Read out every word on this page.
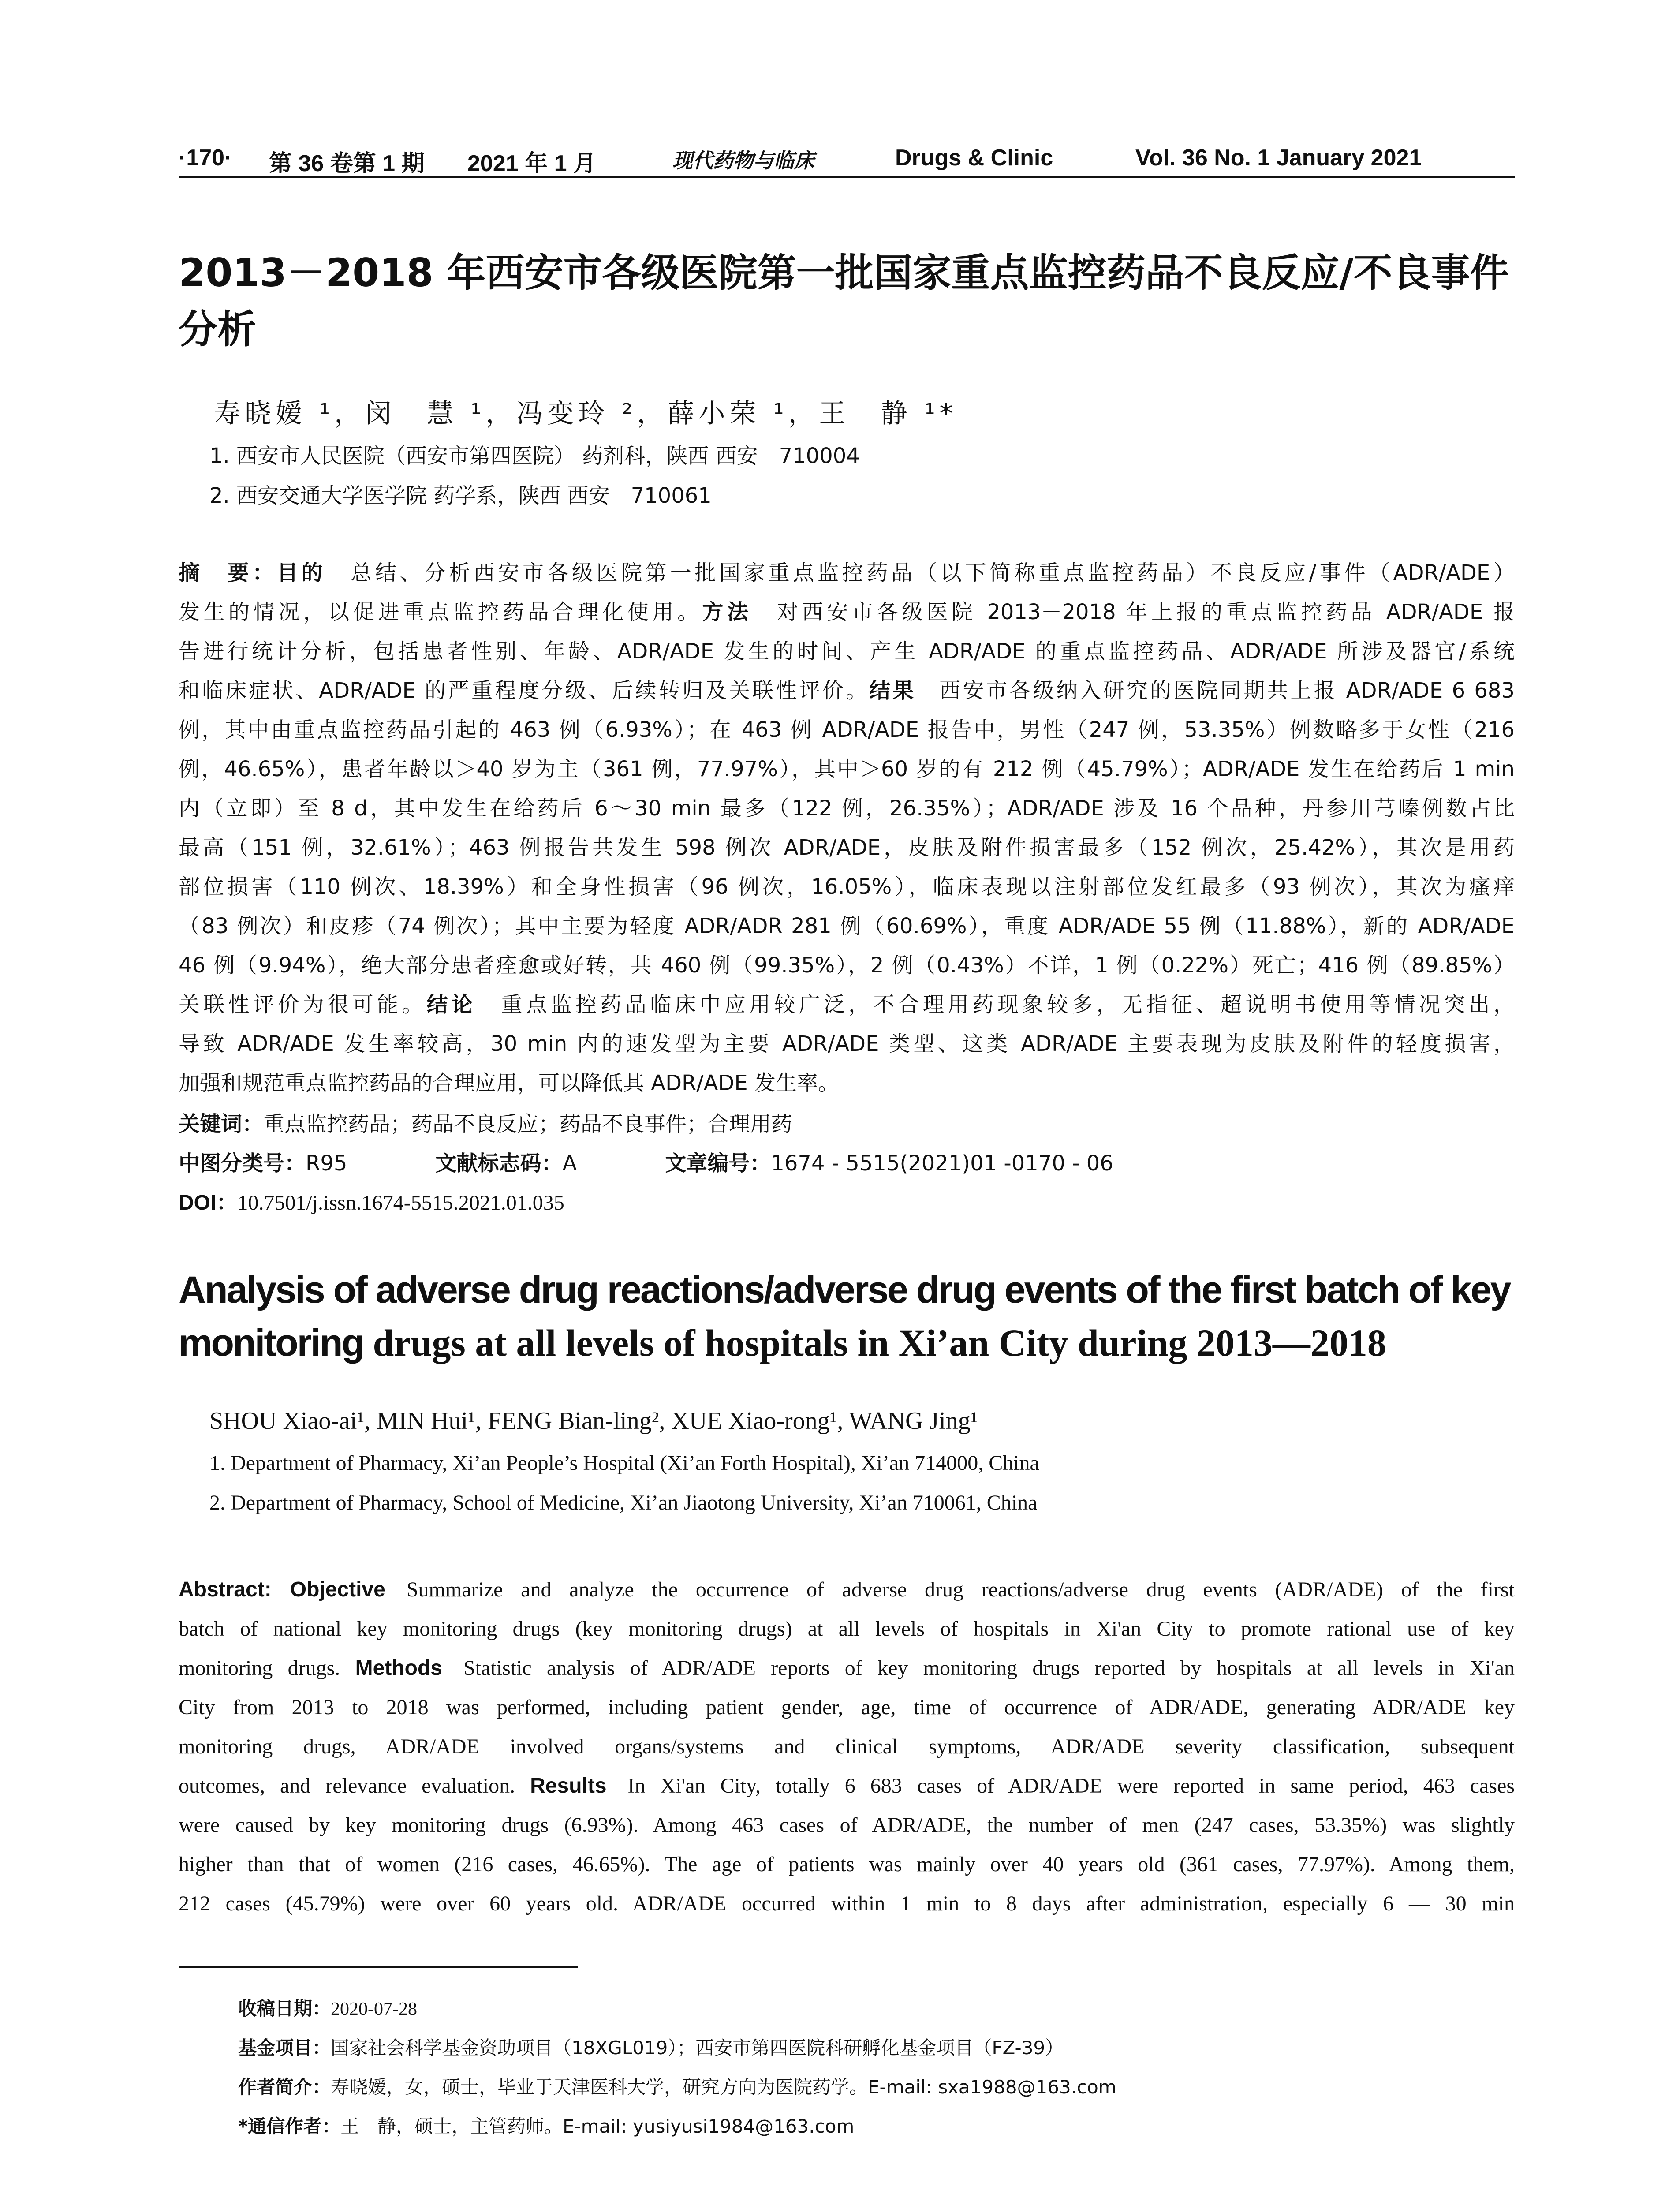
·170· 第 36 卷第 1 期 2021 年 1 月	现代药物与临床	Drugs & Clinic	Vol. 36 No. 1 January 2021
2013－2018 年西安市各级医院第一批国家重点监控药品不良反应/不良事件
分析
寿晓嫒 ¹，闵　慧 ¹，冯变玲 ²，薛小荣 ¹，王　静 ¹*
1. 西安市人民医院（西安市第四医院） 药剂科，陕西 西安　710004
2. 西安交通大学医学院 药学系，陕西 西安　710061
摘　要：目的 总结、分析西安市各级医院第一批国家重点监控药品（以下简称重点监控药品）不良反应/事件（ADR/ADE）
发生的情况，以促进重点监控药品合理化使用。方法 对西安市各级医院 2013－2018 年上报的重点监控药品 ADR/ADE 报
告进行统计分析，包括患者性别、年龄、ADR/ADE 发生的时间、产生 ADR/ADE 的重点监控药品、ADR/ADE 所涉及器官/系统
和临床症状、ADR/ADE 的严重程度分级、后续转归及关联性评价。结果 西安市各级纳入研究的医院同期共上报 ADR/ADE 6 683
例，其中由重点监控药品引起的 463 例（6.93%）；在 463 例 ADR/ADE 报告中，男性（247 例，53.35%）例数略多于女性（216
例，46.65%），患者年龄以＞40 岁为主（361 例，77.97%），其中＞60 岁的有 212 例（45.79%）；ADR/ADE 发生在给药后 1 min
内（立即）至 8 d，其中发生在给药后 6～30 min 最多（122 例，26.35%）；ADR/ADE 涉及 16 个品种，丹参川芎嗪例数占比
最高（151 例，32.61%）；463 例报告共发生 598 例次 ADR/ADE，皮肤及附件损害最多（152 例次，25.42%），其次是用药
部位损害（110 例次、18.39%）和全身性损害（96 例次，16.05%），临床表现以注射部位发红最多（93 例次），其次为瘙痒
（83 例次）和皮疹（74 例次）；其中主要为轻度 ADR/ADR 281 例（60.69%），重度 ADR/ADE 55 例（11.88%），新的 ADR/ADE
46 例（9.94%），绝大部分患者痊愈或好转，共 460 例（99.35%），2 例（0.43%）不详，1 例（0.22%）死亡；416 例（89.85%）
关联性评价为很可能。结论 重点监控药品临床中应用较广泛，不合理用药现象较多，无指征、超说明书使用等情况突出，
导致 ADR/ADE 发生率较高，30 min 内的速发型为主要 ADR/ADE 类型、这类 ADR/ADE 主要表现为皮肤及附件的轻度损害，
加强和规范重点监控药品的合理应用，可以降低其 ADR/ADE 发生率。
关键词：重点监控药品；药品不良反应；药品不良事件；合理用药
中图分类号：R95	文献标志码：A	文章编号：1674 - 5515(2021)01 -0170 - 06
DOI：10.7501/j.issn.1674-5515.2021.01.035
Analysis of adverse drug reactions/adverse drug events of the first batch of key
monitoring drugs at all levels of hospitals in Xi’an City during 2013—2018
SHOU Xiao-ai¹, MIN Hui¹, FENG Bian-ling², XUE Xiao-rong¹, WANG Jing¹
1. Department of Pharmacy, Xi’an People’s Hospital (Xi’an Forth Hospital), Xi’an 714000, China
2. Department of Pharmacy, School of Medicine, Xi’an Jiaotong University, Xi’an 710061, China
Abstract: Objective Summarize and analyze the occurrence of adverse drug reactions/adverse drug events (ADR/ADE) of the first
batch of national key monitoring drugs (key monitoring drugs) at all levels of hospitals in Xi'an City to promote rational use of key
monitoring drugs. Methods Statistic analysis of ADR/ADE reports of key monitoring drugs reported by hospitals at all levels in Xi'an
City from 2013 to 2018 was performed, including patient gender, age, time of occurrence of ADR/ADE, generating ADR/ADE key
monitoring drugs, ADR/ADE involved organs/systems and clinical symptoms, ADR/ADE severity classification, subsequent
outcomes, and relevance evaluation. Results In Xi'an City, totally 6 683 cases of ADR/ADE were reported in same period, 463 cases
were caused by key monitoring drugs (6.93%). Among 463 cases of ADR/ADE, the number of men (247 cases, 53.35%) was slightly
higher than that of women (216 cases, 46.65%). The age of patients was mainly over 40 years old (361 cases, 77.97%). Among them,
212 cases (45.79%) were over 60 years old. ADR/ADE occurred within 1 min to 8 days after administration, especially 6 — 30 min
收稿日期：2020-07-28
基金项目：国家社会科学基金资助项目（18XGL019）；西安市第四医院科研孵化基金项目（FZ-39）
作者简介：寿晓嫒，女，硕士，毕业于天津医科大学，研究方向为医院药学。E-mail: sxa1988@163.com
*通信作者：王　静，硕士，主管药师。E-mail: yusiyusi1984@163.com
